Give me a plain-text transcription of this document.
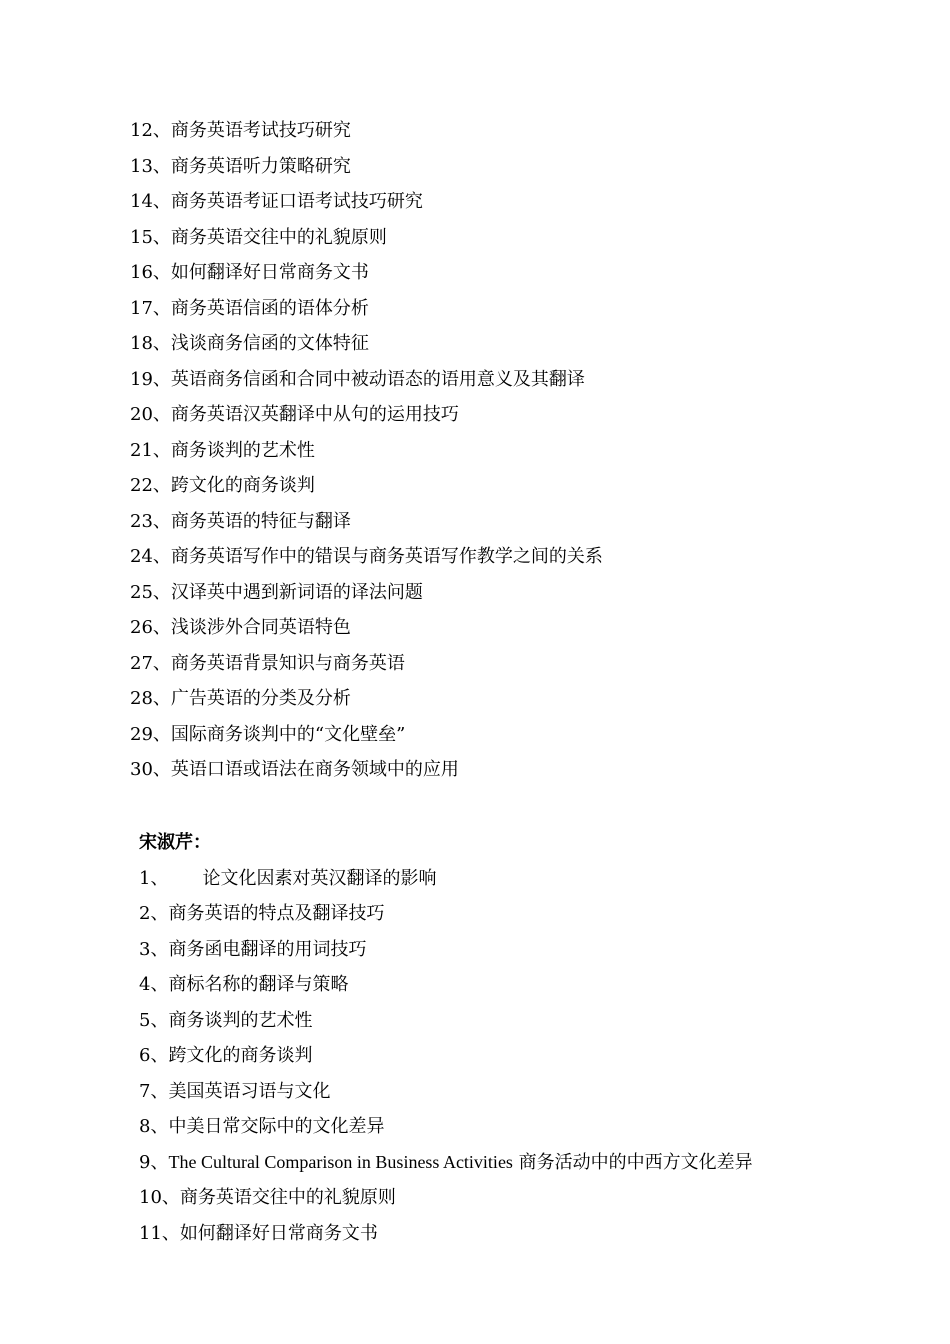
12、商务英语考试技巧研究
13、商务英语听力策略研究
14、商务英语考证口语考试技巧研究
15、商务英语交往中的礼貌原则
16、如何翻译好日常商务文书
17、商务英语信函的语体分析
18、浅谈商务信函的文体特征
19、英语商务信函和合同中被动语态的语用意义及其翻译
20、商务英语汉英翻译中从句的运用技巧
21、商务谈判的艺术性
22、跨文化的商务谈判
23、商务英语的特征与翻译
24、商务英语写作中的错误与商务英语写作教学之间的关系
25、汉译英中遇到新词语的译法问题
26、浅谈涉外合同英语特色
27、商务英语背景知识与商务英语
28、广告英语的分类及分析
29、国际商务谈判中的“文化壁垒”
30、英语口语或语法在商务领域中的应用
宋淑芹：
1、 论文化因素对英汉翻译的影响
2、商务英语的特点及翻译技巧
3、商务函电翻译的用词技巧
4、商标名称的翻译与策略
5、商务谈判的艺术性
6、跨文化的商务谈判
7、美国英语习语与文化
8、中美日常交际中的文化差异
9、The Cultural Comparison in Business Activities 商务活动中的中西方文化差异
10、商务英语交往中的礼貌原则
11、如何翻译好日常商务文书
